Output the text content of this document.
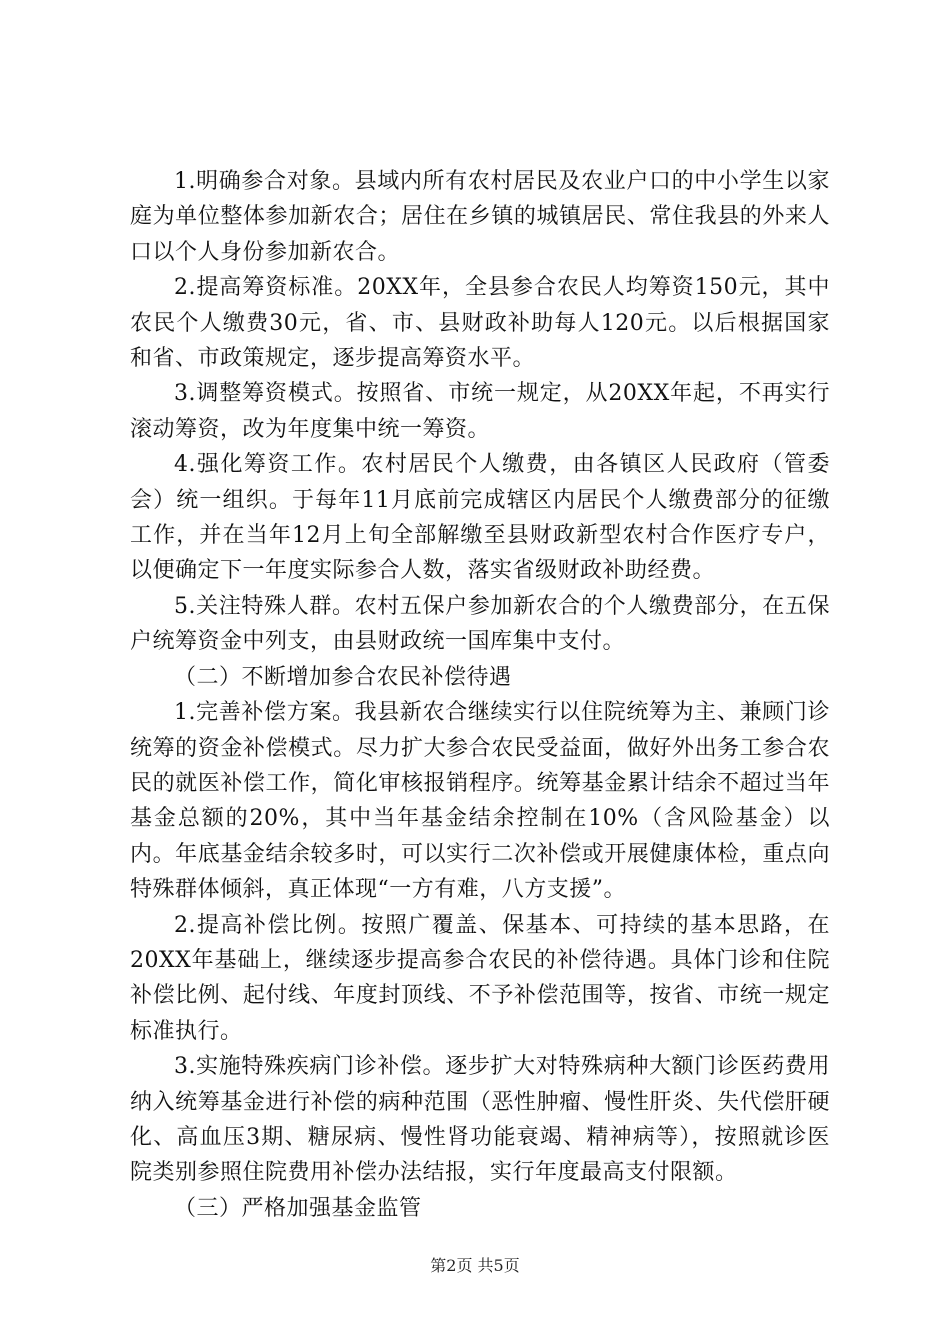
1.明确参合对象。县域内所有农村居民及农业户口的中小学生以家庭为单位整体参加新农合；居住在乡镇的城镇居民、常住我县的外来人口以个人身份参加新农合。

2.提高筹资标准。20XX年，全县参合农民人均筹资150元，其中农民个人缴费30元，省、市、县财政补助每人120元。以后根据国家和省、市政策规定，逐步提高筹资水平。

3.调整筹资模式。按照省、市统一规定，从20XX年起，不再实行滚动筹资，改为年度集中统一筹资。

4.强化筹资工作。农村居民个人缴费，由各镇区人民政府（管委会）统一组织。于每年11月底前完成辖区内居民个人缴费部分的征缴工作，并在当年12月上旬全部解缴至县财政新型农村合作医疗专户，以便确定下一年度实际参合人数，落实省级财政补助经费。

5.关注特殊人群。农村五保户参加新农合的个人缴费部分，在五保户统筹资金中列支，由县财政统一国库集中支付。

（二）不断增加参合农民补偿待遇

1.完善补偿方案。我县新农合继续实行以住院统筹为主、兼顾门诊统筹的资金补偿模式。尽力扩大参合农民受益面，做好外出务工参合农民的就医补偿工作，简化审核报销程序。统筹基金累计结余不超过当年基金总额的20%，其中当年基金结余控制在10%（含风险基金）以内。年底基金结余较多时，可以实行二次补偿或开展健康体检，重点向特殊群体倾斜，真正体现“一方有难，八方支援”。

2.提高补偿比例。按照广覆盖、保基本、可持续的基本思路，在20XX年基础上，继续逐步提高参合农民的补偿待遇。具体门诊和住院补偿比例、起付线、年度封顶线、不予补偿范围等，按省、市统一规定标准执行。

3.实施特殊疾病门诊补偿。逐步扩大对特殊病种大额门诊医药费用纳入统筹基金进行补偿的病种范围（恶性肿瘤、慢性肝炎、失代偿肝硬化、高血压3期、糖尿病、慢性肾功能衰竭、精神病等），按照就诊医院类别参照住院费用补偿办法结报，实行年度最高支付限额。

（三）严格加强基金监管

第2页 共5页
